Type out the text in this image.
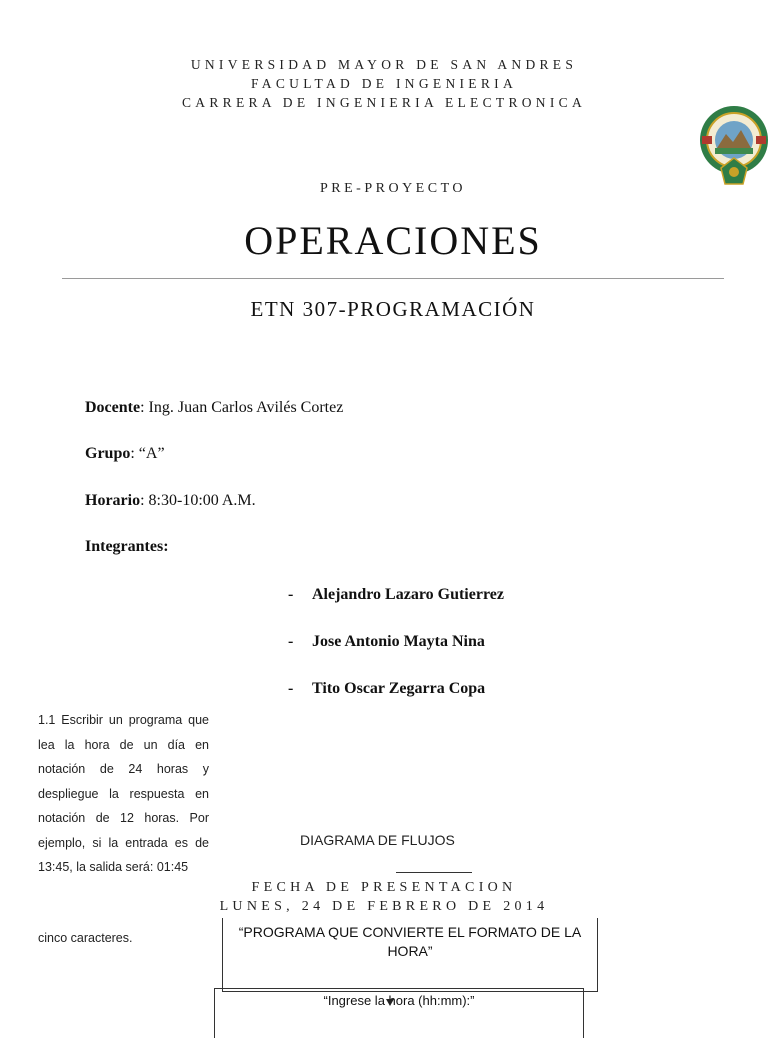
UNIVERSIDAD MAYOR DE SAN ANDRES
FACULTAD DE INGENIERIA
CARRERA DE INGENIERIA ELECTRONICA
PRE-PROYECTO
OPERACIONES
ETN 307-PROGRAMACIÓN
Docente: Ing. Juan Carlos Avilés Cortez
Grupo: “A”
Horario: 8:30-10:00 A.M.
Integrantes:
- Alejandro Lazaro Gutierrez
- Jose Antonio Mayta Nina
- Tito Oscar Zegarra Copa
1.1 Escribir un programa que lea la hora de un día en notación de 24 horas y despliegue la respuesta en notación de 12 horas. Por ejemplo, si la entrada es de 13:45, la salida será: 01:45
cinco caracteres.
DIAGRAMA DE FLUJOS
FECHA DE PRESENTACION
LUNES, 24 DE FEBRERO DE 2014
“PROGRAMA QUE CONVIERTE EL FORMATO DE LA HORA”
“Ingrese la hora (hh:mm):”
